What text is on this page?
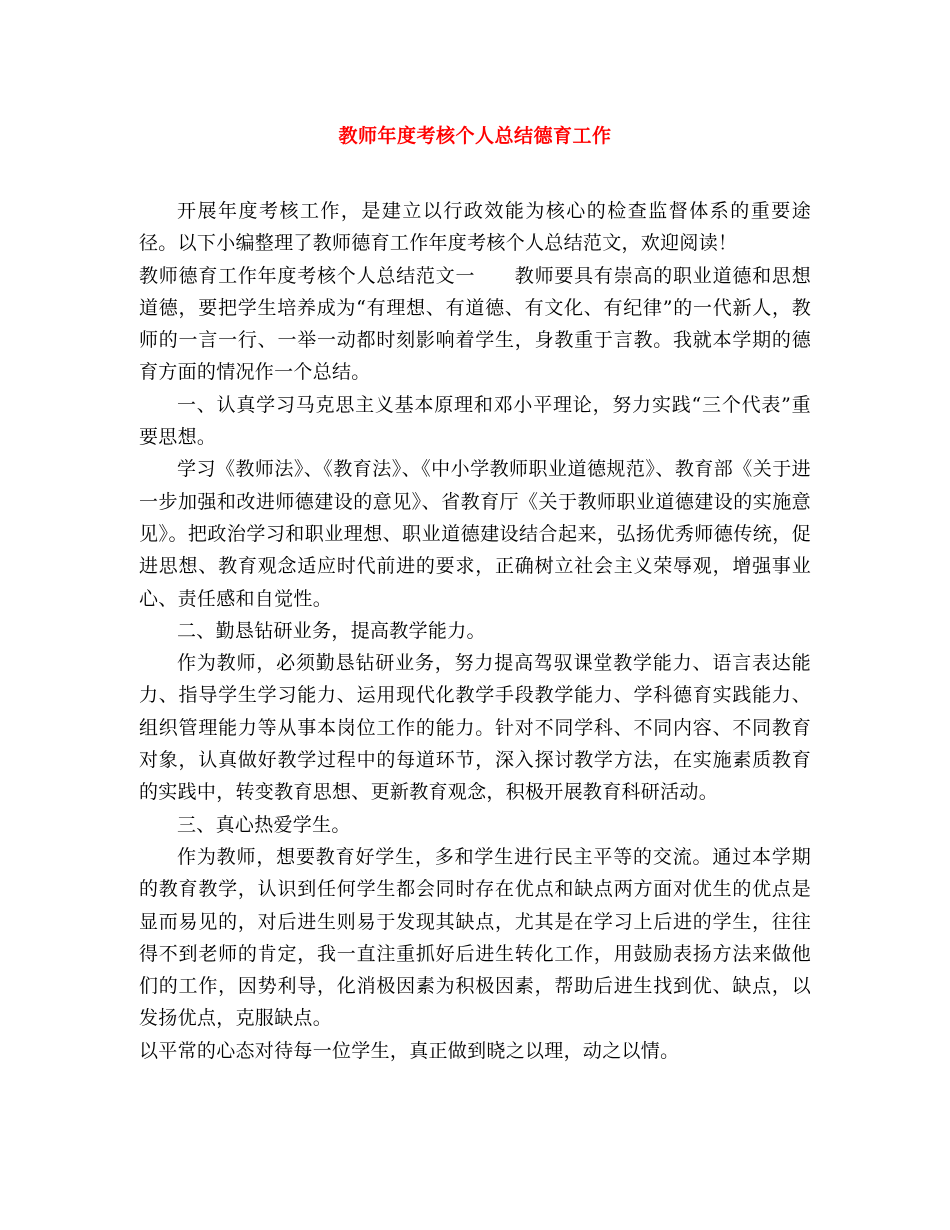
教师年度考核个人总结德育工作

开展年度考核工作，是建立以行政效能为核心的检查监督体系的重要途径。以下小编整理了教师德育工作年度考核个人总结范文，欢迎阅读！

教师德育工作年度考核个人总结范文一　　教师要具有崇高的职业道德和思想道德，要把学生培养成为“有理想、有道德、有文化、有纪律”的一代新人，教师的一言一行、一举一动都时刻影响着学生，身教重于言教。我就本学期的德育方面的情况作一个总结。

一、认真学习马克思主义基本原理和邓小平理论，努力实践“三个代表”重要思想。

学习《教师法》、《教育法》、《中小学教师职业道德规范》、教育部《关于进一步加强和改进师德建设的意见》、省教育厅《关于教师职业道德建设的实施意见》。把政治学习和职业理想、职业道德建设结合起来，弘扬优秀师德传统，促进思想、教育观念适应时代前进的要求，正确树立社会主义荣辱观，增强事业心、责任感和自觉性。

二、勤恳钻研业务，提高教学能力。

作为教师，必须勤恳钻研业务，努力提高驾驭课堂教学能力、语言表达能力、指导学生学习能力、运用现代化教学手段教学能力、学科德育实践能力、组织管理能力等从事本岗位工作的能力。针对不同学科、不同内容、不同教育对象，认真做好教学过程中的每道环节，深入探讨教学方法，在实施素质教育的实践中，转变教育思想、更新教育观念，积极开展教育科研活动。

三、真心热爱学生。

作为教师，想要教育好学生，多和学生进行民主平等的交流。通过本学期的教育教学，认识到任何学生都会同时存在优点和缺点两方面对优生的优点是显而易见的，对后进生则易于发现其缺点，尤其是在学习上后进的学生，往往得不到老师的肯定，我一直注重抓好后进生转化工作，用鼓励表扬方法来做他们的工作，因势利导，化消极因素为积极因素，帮助后进生找到优、缺点，以发扬优点，克服缺点。

以平常的心态对待每一位学生，真正做到晓之以理，动之以情。
